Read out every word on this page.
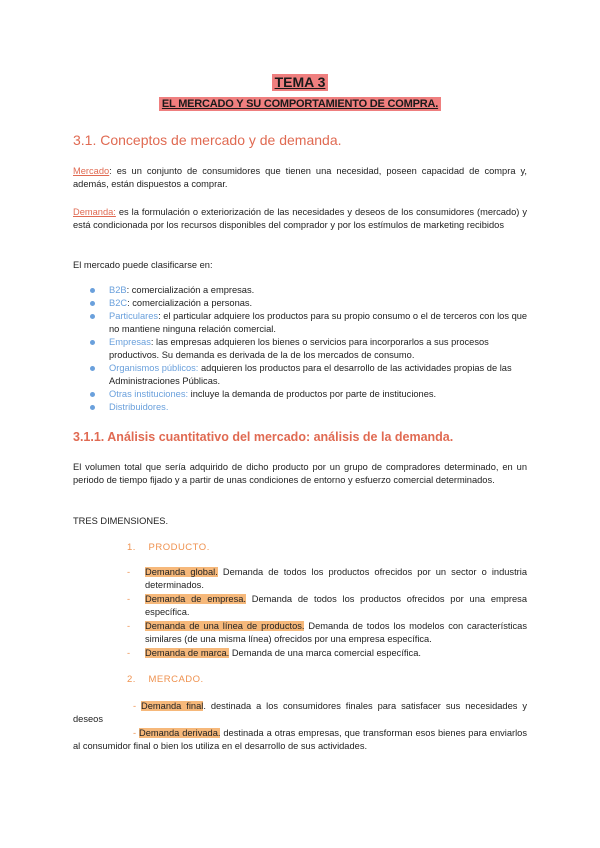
TEMA 3
EL MERCADO Y SU COMPORTAMIENTO DE COMPRA.
3.1. Conceptos de mercado y de demanda.

Mercado: es un conjunto de consumidores que tienen una necesidad, poseen capacidad de compra y, además, están dispuestos a comprar.

Demanda: es la formulación o exteriorización de las necesidades y deseos de los consumidores (mercado) y está condicionada por los recursos disponibles del comprador y por los estímulos de marketing recibidos

El mercado puede clasificarse en:

B2B: comercialización a empresas.
B2C: comercialización a personas.
Particulares: el particular adquiere los productos para su propio consumo o el de terceros con los que no mantiene ninguna relación comercial.
Empresas: las empresas adquieren los bienes o servicios para incorporarlos a sus procesos productivos. Su demanda es derivada de la de los mercados de consumo.
Organismos públicos: adquieren los productos para el desarrollo de las actividades propias de las Administraciones Públicas.
Otras instituciones: incluye la demanda de productos por parte de instituciones.
Distribuidores.
3.1.1. Análisis cuantitativo del mercado: análisis de la demanda.

El volumen total que sería adquirido de dicho producto por un grupo de compradores determinado, en un periodo de tiempo fijado y a partir de unas condiciones de entorno y esfuerzo comercial determinados.

TRES DIMENSIONES.

1. PRODUCTO.
- Demanda global. Demanda de todos los productos ofrecidos por un sector o industria determinados.
- Demanda de empresa. Demanda de todos los productos ofrecidos por una empresa específica.
- Demanda de una línea de productos. Demanda de todos los modelos con características similares (de una misma línea) ofrecidos por una empresa específica.
- Demanda de marca. Demanda de una marca comercial específica.
2. MERCADO.
- Demanda final. destinada a los consumidores finales para satisfacer sus necesidades y deseos
- Demanda derivada. destinada a otras empresas, que transforman esos bienes para enviarlos al consumidor final o bien los utiliza en el desarrollo de sus actividades.
